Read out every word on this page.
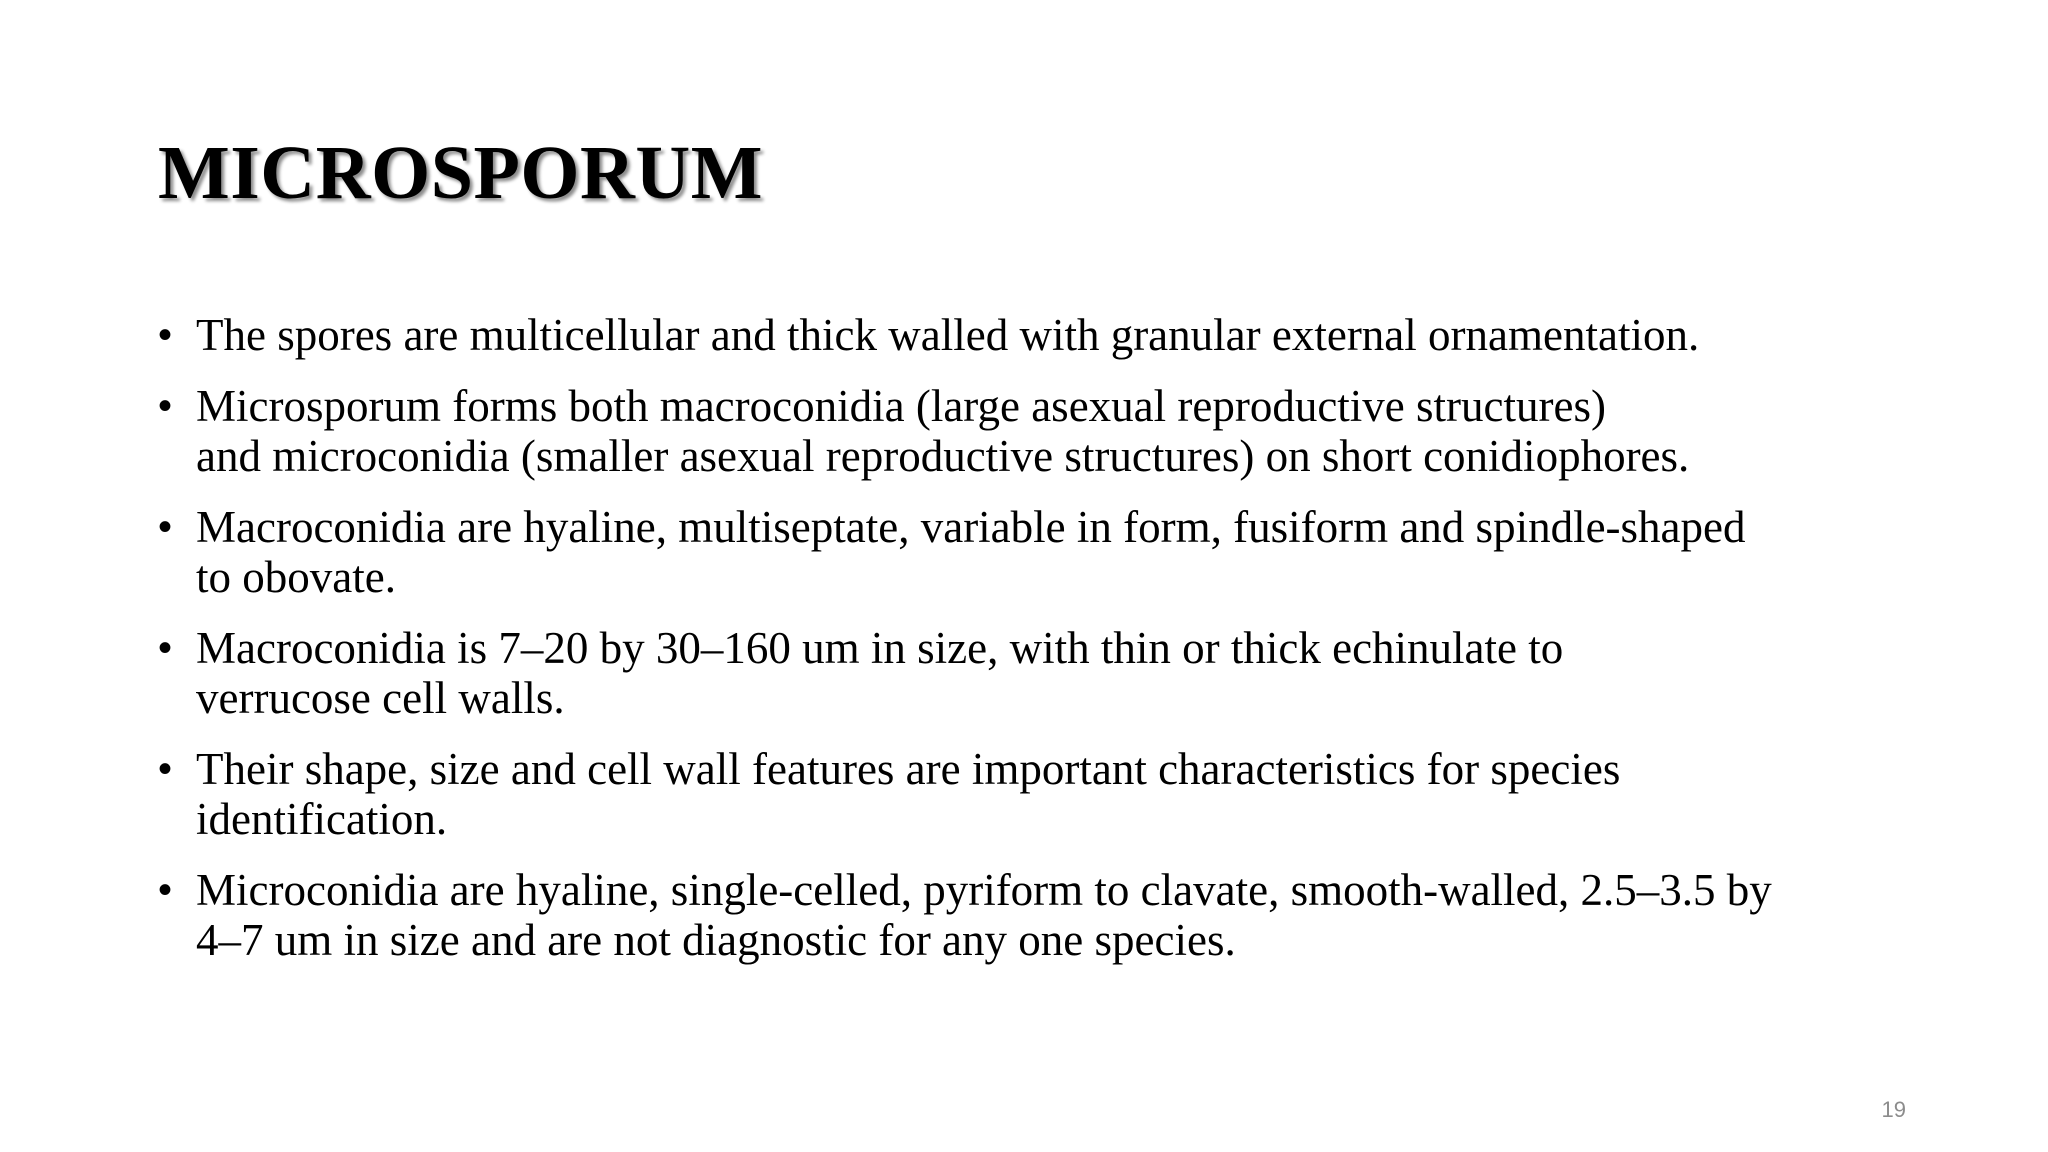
MICROSPORUM
• The spores are multicellular and thick walled with granular external ornamentation.
• Microsporum forms both macroconidia (large asexual reproductive structures)
and microconidia (smaller asexual reproductive structures) on short conidiophores.
• Macroconidia are hyaline, multiseptate, variable in form, fusiform and spindle-shaped
to obovate.
• Macroconidia is 7–20 by 30–160 um in size, with thin or thick echinulate to
verrucose cell walls.
• Their shape, size and cell wall features are important characteristics for species
identification.
• Microconidia are hyaline, single-celled, pyriform to clavate, smooth-walled, 2.5–3.5 by
4–7 um in size and are not diagnostic for any one species.
19
